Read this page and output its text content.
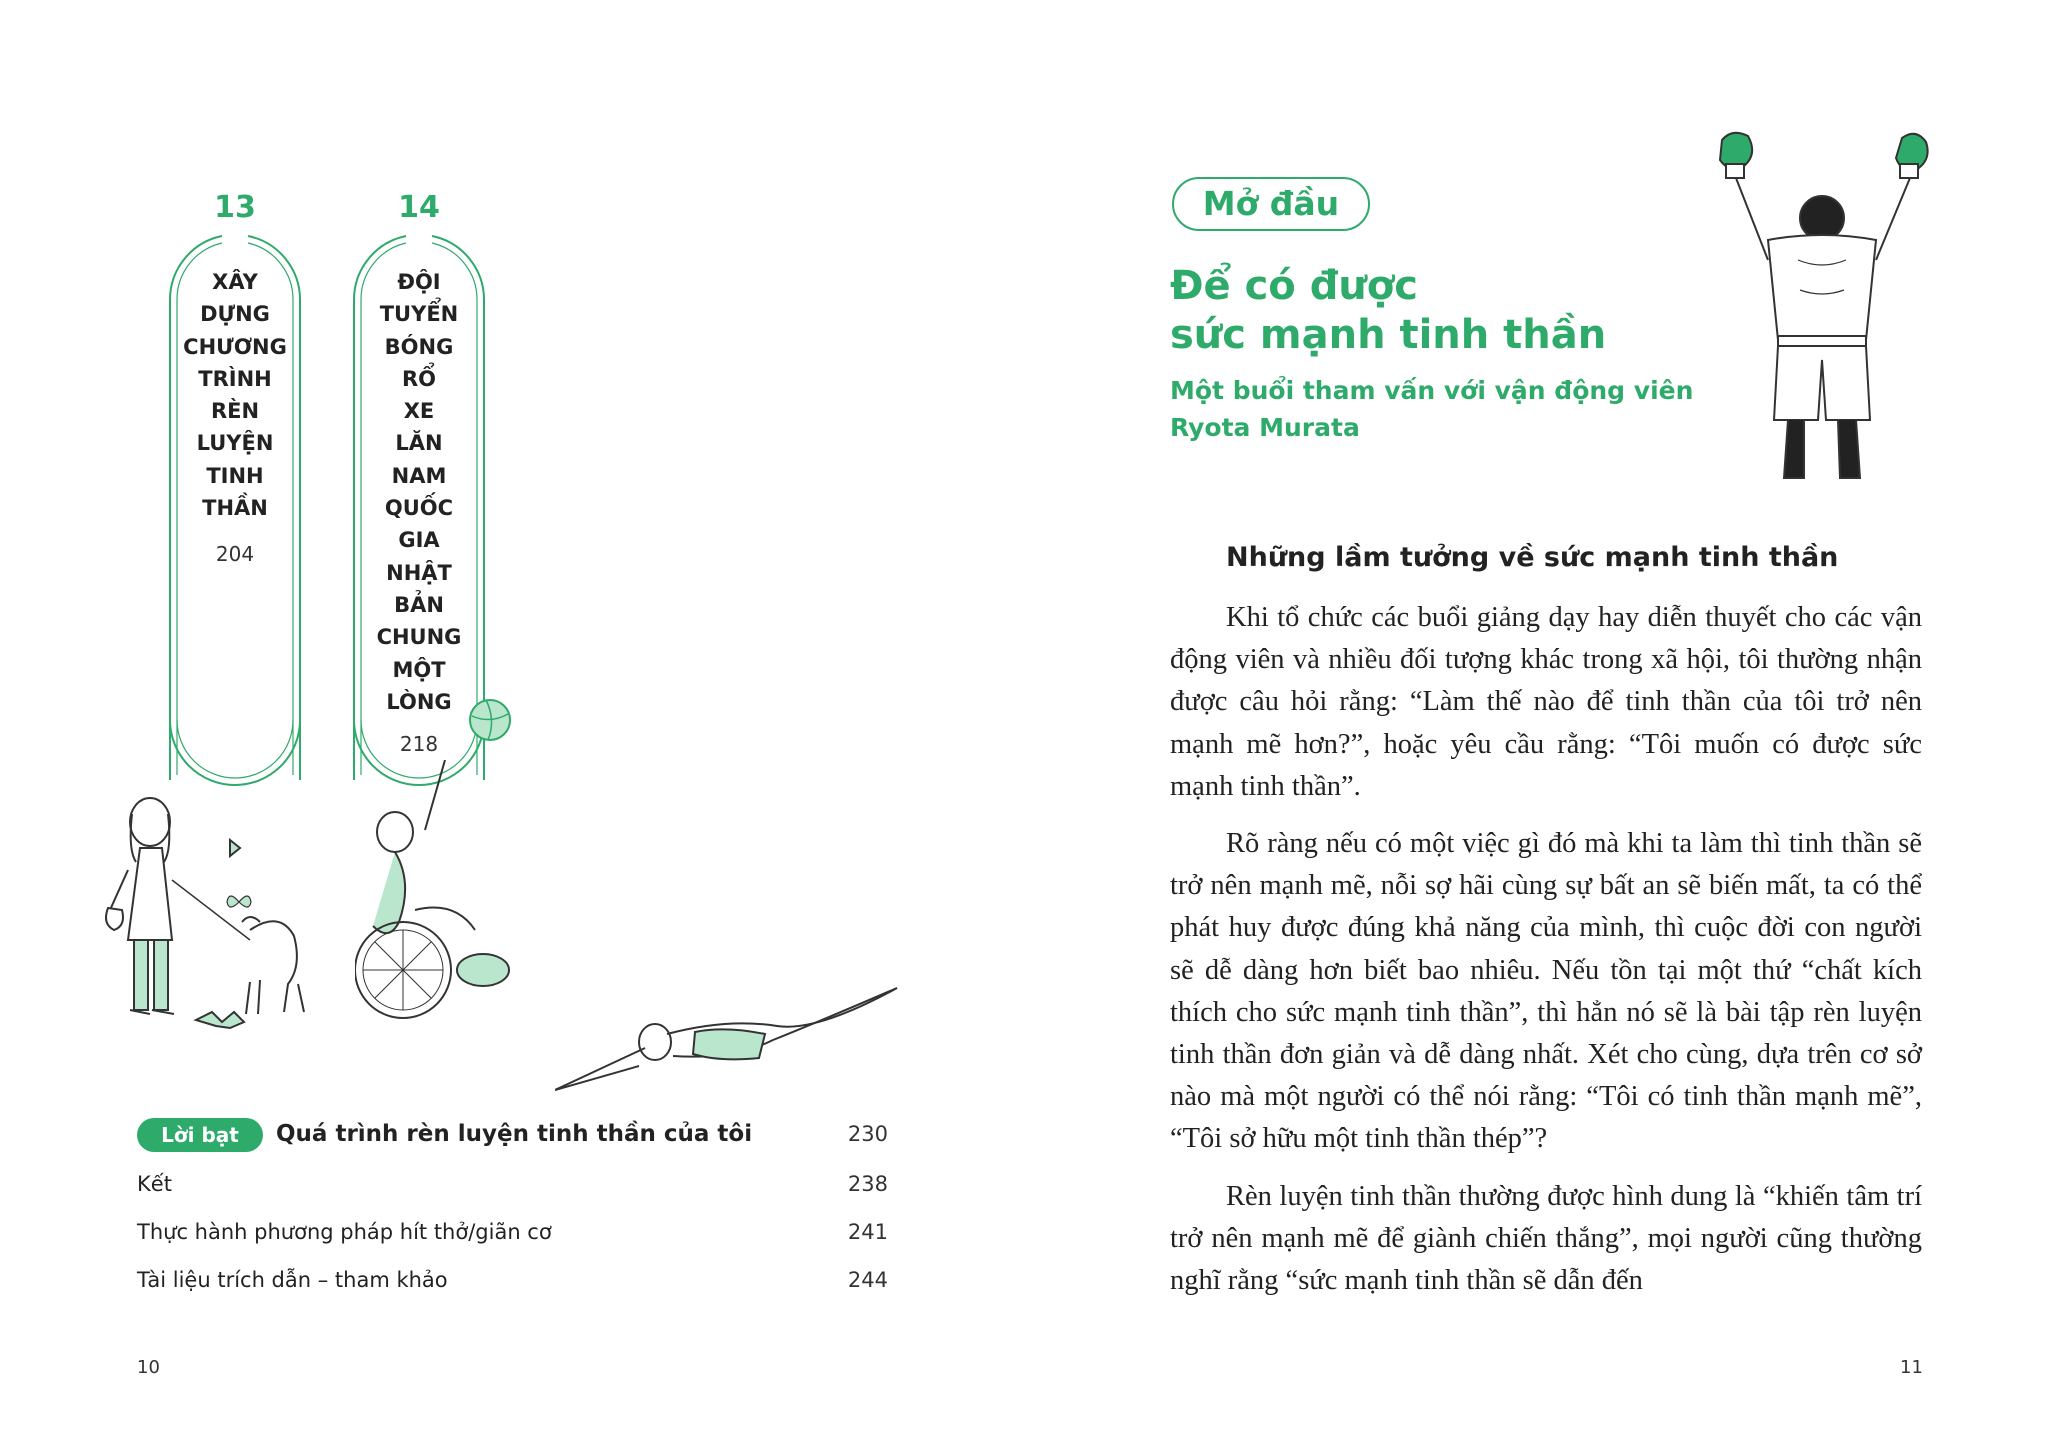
13
XÂY
DỰNG
CHƯƠNG
TRÌNH
RÈN
LUYỆN
TINH
THẦN
204
14
ĐỘI
TUYỂN
BÓNG
RỔ
XE
LĂN
NAM
QUỐC
GIA
NHẬT
BẢN
CHUNG
MỘT
LÒNG
218
Lời bạt	Quá trình rèn luyện tinh thần của tôi	230
Kết	238
Thực hành phương pháp hít thở/giãn cơ	241
Tài liệu trích dẫn – tham khảo	244
10
Mở đầu
Để có được
sức mạnh tinh thần
Một buổi tham vấn với vận động viên
Ryota Murata
Những lầm tưởng về sức mạnh tinh thần

Khi tổ chức các buổi giảng dạy hay diễn thuyết cho các vận động viên và nhiều đối tượng khác trong xã hội, tôi thường nhận được câu hỏi rằng: “Làm thế nào để tinh thần của tôi trở nên mạnh mẽ hơn?”, hoặc yêu cầu rằng: “Tôi muốn có được sức mạnh tinh thần”.

Rõ ràng nếu có một việc gì đó mà khi ta làm thì tinh thần sẽ trở nên mạnh mẽ, nỗi sợ hãi cùng sự bất an sẽ biến mất, ta có thể phát huy được đúng khả năng của mình, thì cuộc đời con người sẽ dễ dàng hơn biết bao nhiêu. Nếu tồn tại một thứ “chất kích thích cho sức mạnh tinh thần”, thì hẳn nó sẽ là bài tập rèn luyện tinh thần đơn giản và dễ dàng nhất. Xét cho cùng, dựa trên cơ sở nào mà một người có thể nói rằng: “Tôi có tinh thần mạnh mẽ”, “Tôi sở hữu một tinh thần thép”?

Rèn luyện tinh thần thường được hình dung là “khiến tâm trí trở nên mạnh mẽ để giành chiến thắng”, mọi người cũng thường nghĩ rằng “sức mạnh tinh thần sẽ dẫn đến

11
